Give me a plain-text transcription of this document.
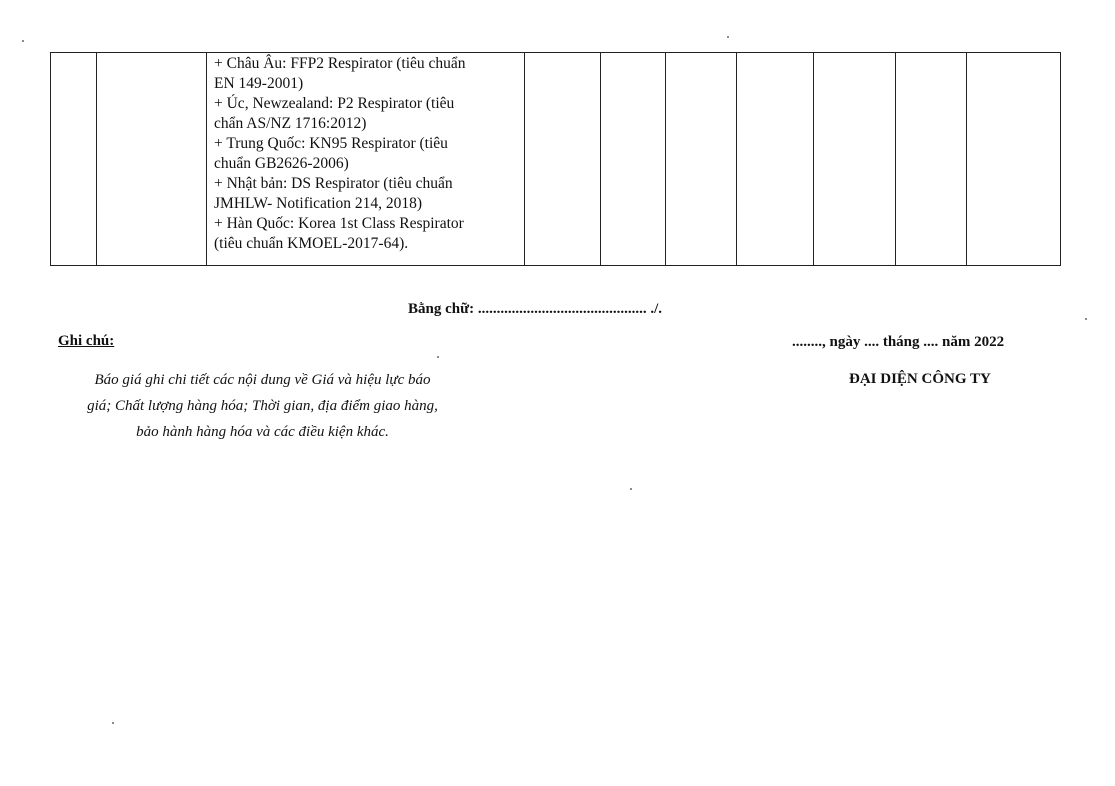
+ Châu Âu: FFP2 Respirator (tiêu chuẩn
EN 149-2001)
+ Úc, Newzealand: P2 Respirator (tiêu
chẩn AS/NZ 1716:2012)
+ Trung Quốc: KN95 Respirator (tiêu
chuẩn GB2626-2006)
+ Nhật bản: DS Respirator (tiêu chuẩn
JMHLW- Notification 214, 2018)
+ Hàn Quốc: Korea 1st Class Respirator
(tiêu chuẩn KMOEL-2017-64).

Bằng chữ: ............................................. ./.
Ghi chú:
Báo giá ghi chi tiết các nội dung về Giá và hiệu lực báo
giá; Chất lượng hàng hóa; Thời gian, địa điểm giao hàng,
bảo hành hàng hóa và các điều kiện khác.
........, ngày .... tháng .... năm 2022
ĐẠI DIỆN CÔNG TY
